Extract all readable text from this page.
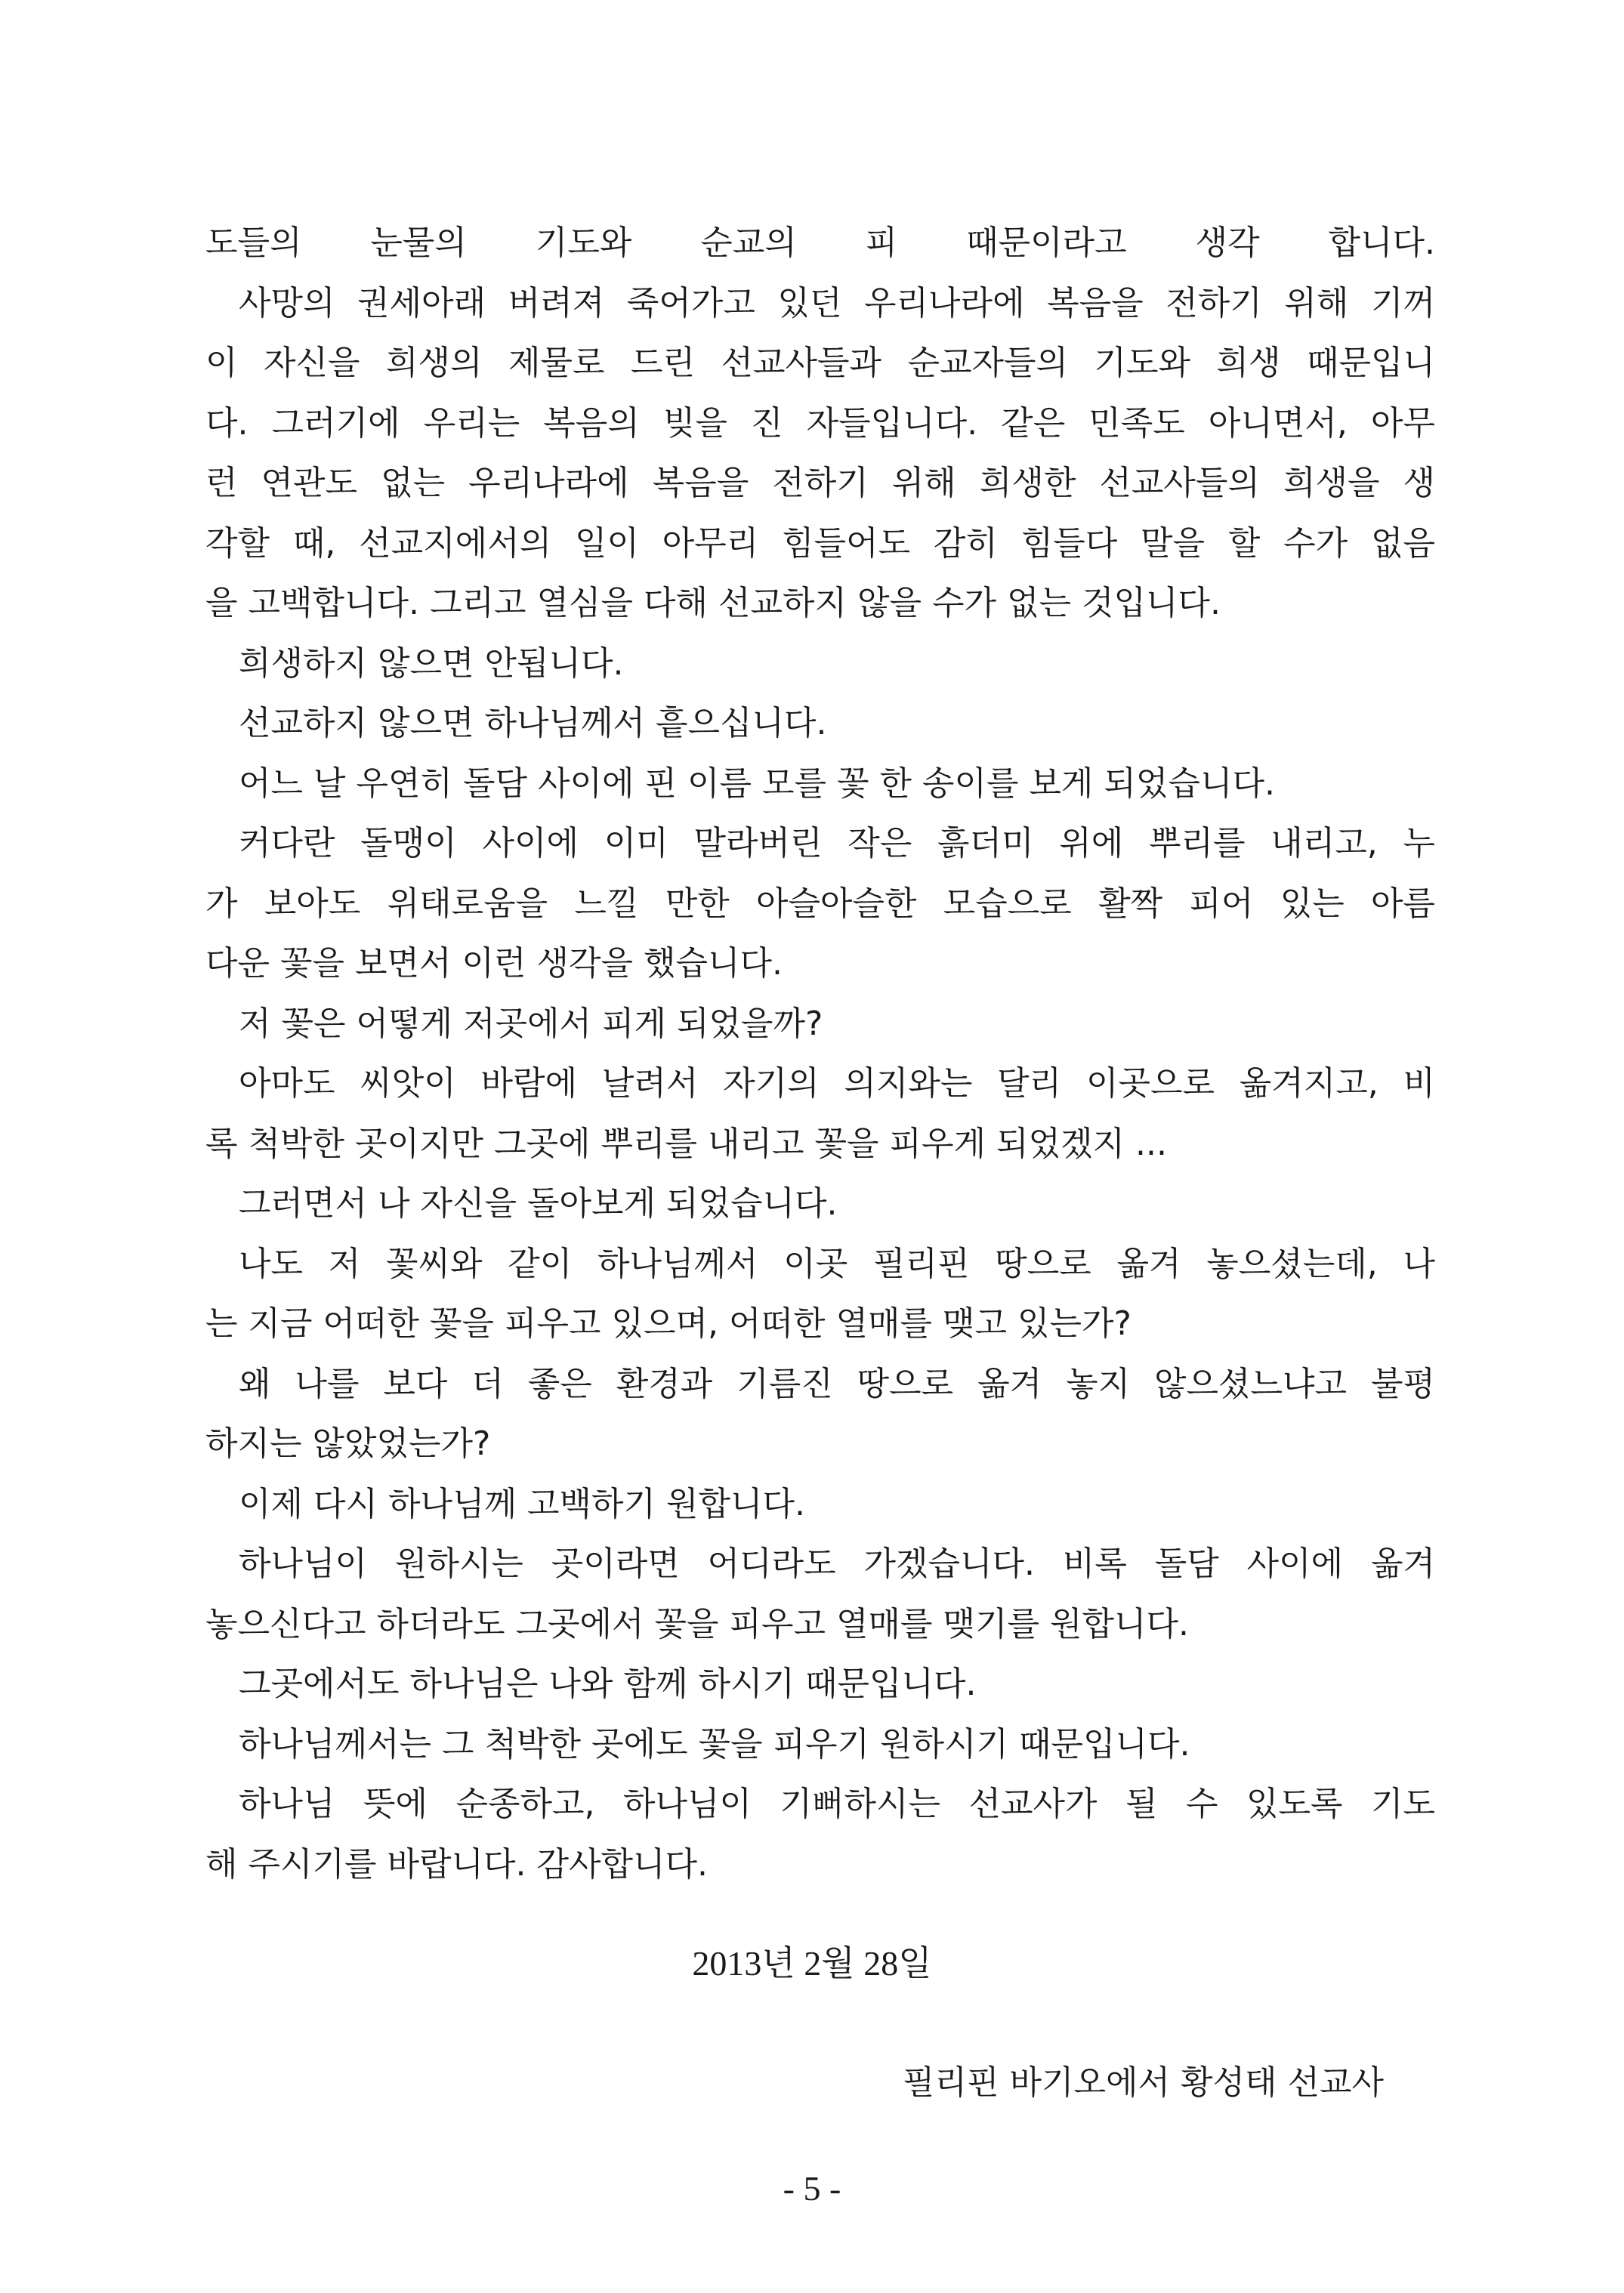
도들의 눈물의 기도와 순교의 피 때문이라고 생각 합니다.
사망의 권세아래 버려져 죽어가고 있던 우리나라에 복음을 전하기 위해 기꺼
이 자신을 희생의 제물로 드린 선교사들과 순교자들의 기도와 희생 때문입니
다. 그러기에 우리는 복음의 빚을 진 자들입니다. 같은 민족도 아니면서, 아무
런 연관도 없는 우리나라에 복음을 전하기 위해 희생한 선교사들의 희생을 생
각할 때, 선교지에서의 일이 아무리 힘들어도 감히 힘들다 말을 할 수가 없음
을 고백합니다. 그리고 열심을 다해 선교하지 않을 수가 없는 것입니다.
희생하지 않으면 안됩니다.
선교하지 않으면 하나님께서 흩으십니다.
어느 날 우연히 돌담 사이에 핀 이름 모를 꽃 한 송이를 보게 되었습니다.
커다란 돌맹이 사이에 이미 말라버린 작은 흙더미 위에 뿌리를 내리고, 누
가 보아도 위태로움을 느낄 만한 아슬아슬한 모습으로 활짝 피어 있는 아름
다운 꽃을 보면서 이런 생각을 했습니다.
저 꽃은 어떻게 저곳에서 피게 되었을까?
아마도 씨앗이 바람에 날려서 자기의 의지와는 달리 이곳으로 옮겨지고, 비
록 척박한 곳이지만 그곳에 뿌리를 내리고 꽃을 피우게 되었겠지 ...
그러면서 나 자신을 돌아보게 되었습니다.
나도 저 꽃씨와 같이 하나님께서 이곳 필리핀 땅으로 옮겨 놓으셨는데, 나
는 지금 어떠한 꽃을 피우고 있으며, 어떠한 열매를 맺고 있는가?
왜 나를 보다 더 좋은 환경과 기름진 땅으로 옮겨 놓지 않으셨느냐고 불평
하지는 않았었는가?
이제 다시 하나님께 고백하기 원합니다.
하나님이 원하시는 곳이라면 어디라도 가겠습니다. 비록 돌담 사이에 옮겨
놓으신다고 하더라도 그곳에서 꽃을 피우고 열매를 맺기를 원합니다.
그곳에서도 하나님은 나와 함께 하시기 때문입니다.
하나님께서는 그 척박한 곳에도 꽃을 피우기 원하시기 때문입니다.
하나님 뜻에 순종하고, 하나님이 기뻐하시는 선교사가 될 수 있도록 기도
해 주시기를 바랍니다. 감사합니다.
2013년 2월 28일
필리핀 바기오에서 황성태 선교사
- 5 -
